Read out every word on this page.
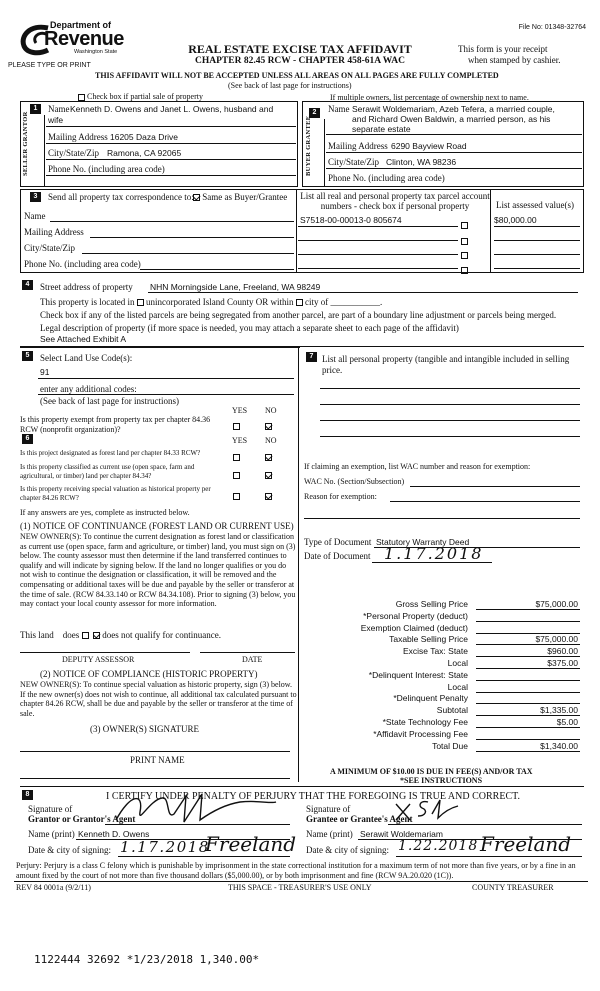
File No: 01348-32764
Department of
Revenue
Washington State
PLEASE TYPE OR PRINT
REAL ESTATE EXCISE TAX AFFIDAVIT
CHAPTER 82.45 RCW - CHAPTER 458-61A WAC
This form is your receipt
when stamped by cashier.
THIS AFFIDAVIT WILL NOT BE ACCEPTED UNLESS ALL AREAS ON ALL PAGES ARE FULLY COMPLETED
(See back of last page for instructions)
Check box if partial sale of property	If multiple owners, list percentage of ownership next to name.
1
SELLER GRANTOR
Name Kenneth D. Owens and Janet L. Owens, husband and
wife
Mailing Address 16205 Daza Drive
City/State/Zip Ramona, CA 92065
Phone No. (including area code)
2
BUYER GRANTEE
Name Serawit Woldemariam, Azeb Tefera, a married couple,
and Richard Owen Baldwin, a married person, as his
separate estate
Mailing Address 6290 Bayview Road
City/State/Zip Clinton, WA 98236
Phone No. (including area code)
3	Send all property tax correspondence to: Same as Buyer/Grantee
Name
Mailing Address
City/State/Zip
Phone No. (including area code)
List all real and personal property tax parcel account numbers - check box if personal property	List assessed value(s)
S7518-00-00013-0 805674	$80,000.00
4	Street address of property NHN Morningside Lane, Freeland, WA 98249
This property is located in unincorporated Island County OR within city of ___________.
Check box if any of the listed parcels are being segregated from another parcel, are part of a boundary line adjustment or parcels being merged.
Legal description of property (if more space is needed, you may attach a separate sheet to each page of the affidavit)
See Attached Exhibit A
5	Select Land Use Code(s):
91
enter any additional codes:
(See back of last page for instructions)
YES NO
Is this property exempt from property tax per chapter 84.36 RCW (nonprofit organization)?
6	YES NO
Is this project designated as forest land per chapter 84.33 RCW?
Is this property classified as current use (open space, farm and agricultural, or timber) land per chapter 84.34?
Is this property receiving special valuation as historical property per chapter 84.26 RCW?
If any answers are yes, complete as instructed below.
(1) NOTICE OF CONTINUANCE (FOREST LAND OR CURRENT USE)
NEW OWNER(S): To continue the current designation as forest land or classification as current use (open space, farm and agriculture, or timber) land, you must sign on (3) below. The county assessor must then determine if the land transferred continues to qualify and will indicate by signing below. If the land no longer qualifies or you do not wish to continue the designation or classification, it will be removed and the compensating or additional taxes will be due and payable by the seller or transferor at the time of sale. (RCW 84.33.140 or RCW 84.34.108). Prior to signing (3) below, you may contact your local county assessor for more information.
This land does	does not qualify for continuance.
DEPUTY ASSESSOR	DATE
(2) NOTICE OF COMPLIANCE (HISTORIC PROPERTY)
NEW OWNER(S): To continue special valuation as historic property, sign (3) below. If the new owner(s) does not wish to continue, all additional tax calculated pursuant to chapter 84.26 RCW, shall be due and payable by the seller or transferor at the time of sale.
(3) OWNER(S) SIGNATURE
PRINT NAME
7 List all personal property (tangible and intangible included in selling price.
If claiming an exemption, list WAC number and reason for exemption:
WAC No. (Section/Subsection)
Reason for exemption:
Type of Document Statutory Warranty Deed
Date of Document 1.17.2018
Gross Selling Price	$75,000.00
*Personal Property (deduct)
Exemption Claimed (deduct)
Taxable Selling Price	$75,000.00
Excise Tax: State	$960.00
Local	$375.00
*Delinquent Interest: State
Local
*Delinquent Penalty
Subtotal	$1,335.00
*State Technology Fee	$5.00
*Affidavit Processing Fee
Total Due	$1,340.00
A MINIMUM OF $10.00 IS DUE IN FEE(S) AND/OR TAX
*SEE INSTRUCTIONS
8	I CERTIFY UNDER PENALTY OF PERJURY THAT THE FOREGOING IS TRUE AND CORRECT.
Signature of
Grantor or Grantor's Agent
Name (print) Kenneth D. Owens
Date & city of signing: 1.17.2018
Freeland
Signature of
Grantee or Grantee's Agent
Name (print) Serawit Woldemariam
Date & city of signing: 1.22.2018 Freeland
Perjury: Perjury is a class C felony which is punishable by imprisonment in the state correctional institution for a maximum term of not more than five years, or by a fine in an amount fixed by the court of not more than five thousand dollars ($5,000.00), or by both imprisonment and fine (RCW 9A.20.020 (1C)).
REV 84 0001a (9/2/11)	THIS SPACE - TREASURER'S USE ONLY	COUNTY TREASURER
1122444 32692 *1/23/2018 1,340.00*
